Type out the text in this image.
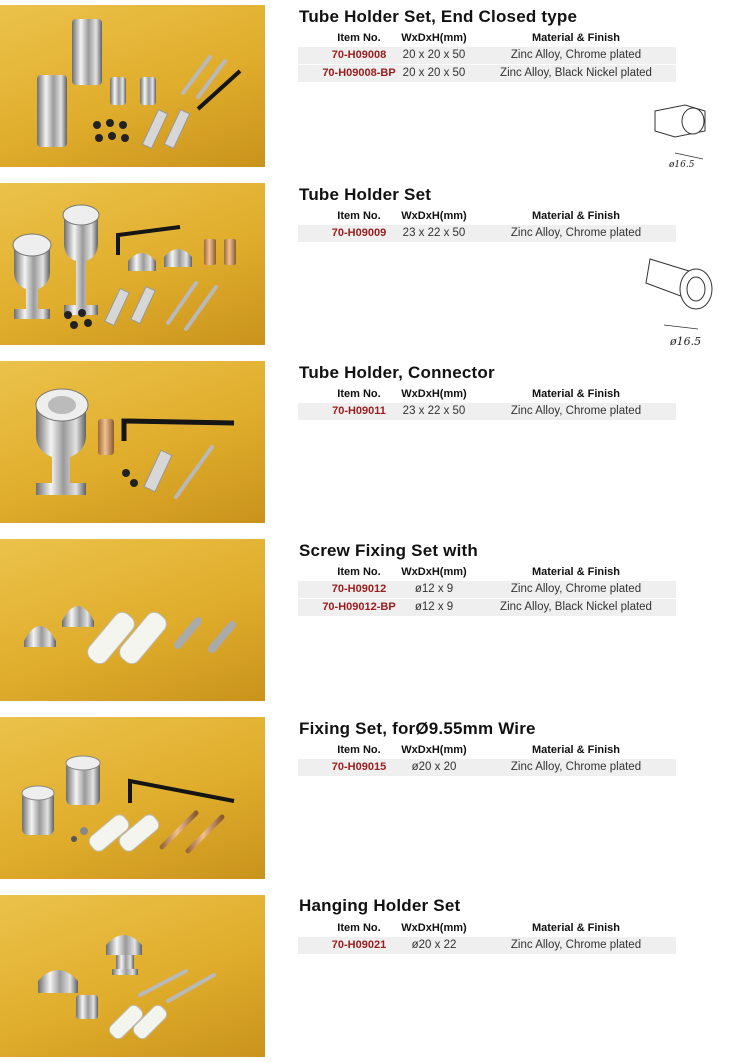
Tube Holder Set, End Closed type
Item No.	WxDxH(mm)	Material & Finish
70-H09008	20 x 20 x 50	Zinc Alloy, Chrome plated
70-H09008-BP 20 x 20 x 50	Zinc Alloy, Black Nickel plated
ø16.5
Tube Holder Set
Item No.	WxDxH(mm)	Material & Finish
70-H09009	23 x 22 x 50	Zinc Alloy, Chrome plated
ø16.5
Tube Holder, Connector
Item No.	WxDxH(mm)	Material & Finish
70-H09011	23 x 22 x 50	Zinc Alloy, Chrome plated
Screw Fixing Set with
Item No.	WxDxH(mm)	Material & Finish
70-H09012	ø12 x 9	Zinc Alloy, Chrome plated
70-H09012-BP	ø12 x 9	Zinc Alloy, Black Nickel plated
Fixing Set, forØ9.55mm Wire
Item No.	WxDxH(mm)	Material & Finish
70-H09015	ø20 x 20	Zinc Alloy, Chrome plated
Hanging Holder Set
Item No.	WxDxH(mm)	Material & Finish
70-H09021	ø20 x 22	Zinc Alloy, Chrome plated
